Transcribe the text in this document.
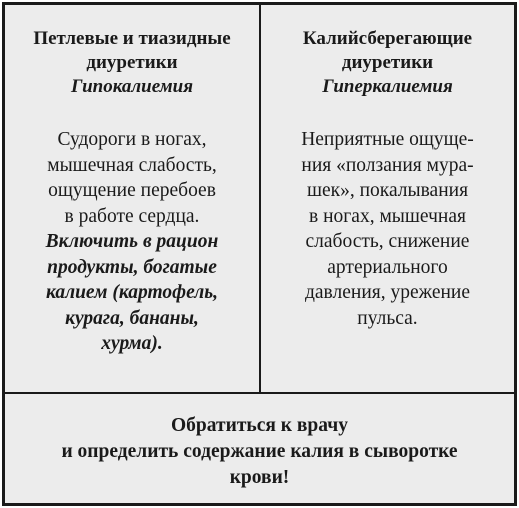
Петлевые и тиазидные
диуретики
Гипокалиемия
Судороги в ногах,
мышечная слабость,
ощущение перебоев
в работе сердца.
Включить в рацион
продукты, богатые
калием (картофель,
курага, бананы,
хурма).
Калийсберегающие
диуретики
Гиперкалиемия
Неприятные ощуще-
ния «ползания мура-
шек», покалывания
в ногах, мышечная
слабость, снижение
артериального
давления, урежение
пульса.
Обратиться к врачу
и определить содержание калия в сыворотке
крови!
